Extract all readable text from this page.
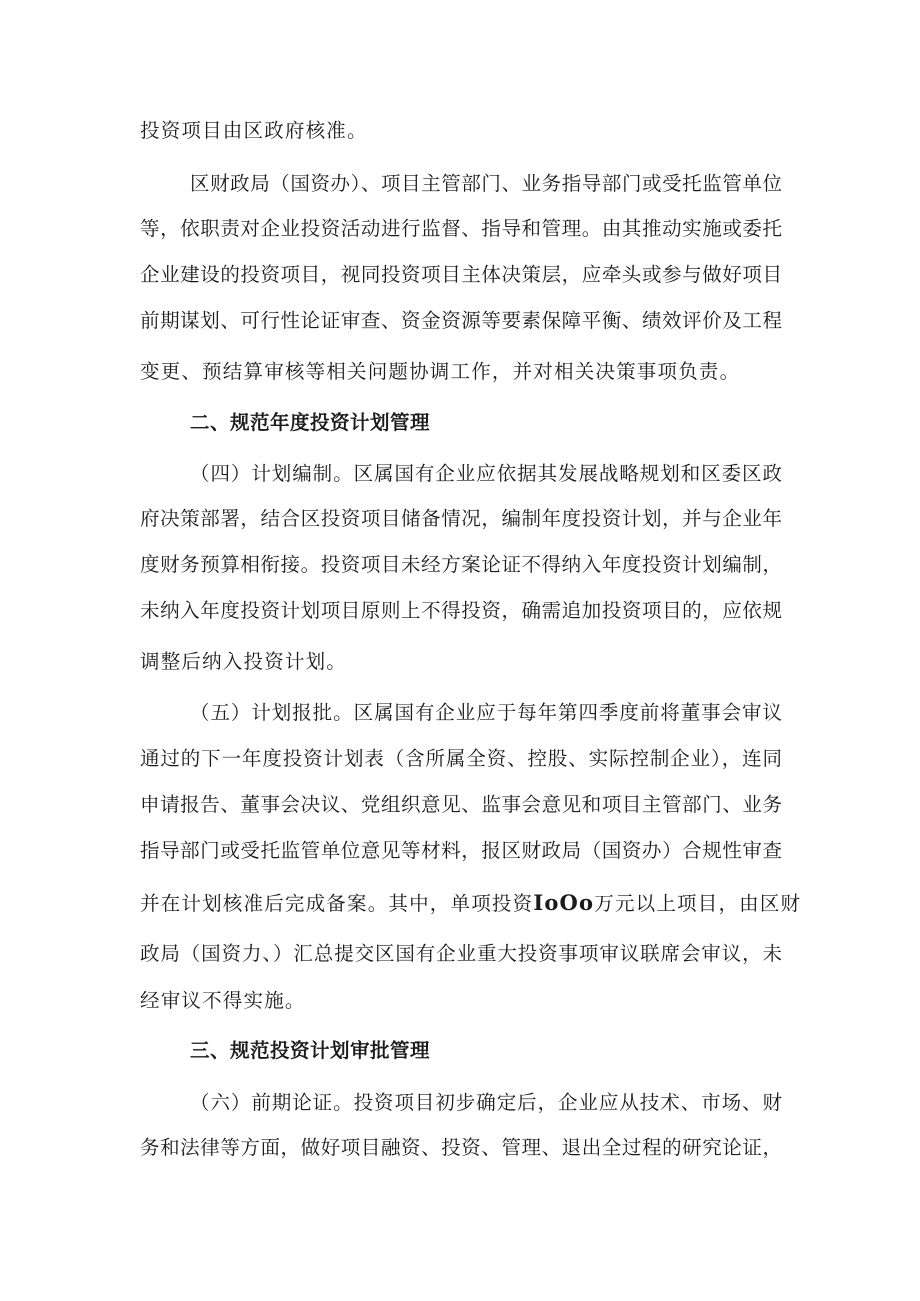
投资项目由区政府核准。
区财政局（国资办）、项目主管部门、业务指导部门或受托监管单位
等，依职责对企业投资活动进行监督、指导和管理。由其推动实施或委托
企业建设的投资项目，视同投资项目主体决策层，应牵头或参与做好项目
前期谋划、可行性论证审查、资金资源等要素保障平衡、绩效评价及工程
变更、预结算审核等相关问题协调工作，并对相关决策事项负责。
二、规范年度投资计划管理
（四）计划编制。区属国有企业应依据其发展战略规划和区委区政
府决策部署，结合区投资项目储备情况，编制年度投资计划，并与企业年
度财务预算相衔接。投资项目未经方案论证不得纳入年度投资计划编制，
未纳入年度投资计划项目原则上不得投资，确需追加投资项目的，应依规
调整后纳入投资计划。
（五）计划报批。区属国有企业应于每年第四季度前将董事会审议
通过的下一年度投资计划表（含所属全资、控股、实际控制企业），连同
申请报告、董事会决议、党组织意见、监事会意见和项目主管部门、业务
指导部门或受托监管单位意见等材料，报区财政局（国资办）合规性审查
并在计划核准后完成备案。其中，单项投资IoOo万元以上项目，由区财
政局（国资力、）汇总提交区国有企业重大投资事项审议联席会审议，未
经审议不得实施。
三、规范投资计划审批管理
（六）前期论证。投资项目初步确定后，企业应从技术、市场、财
务和法律等方面，做好项目融资、投资、管理、退出全过程的研究论证，
